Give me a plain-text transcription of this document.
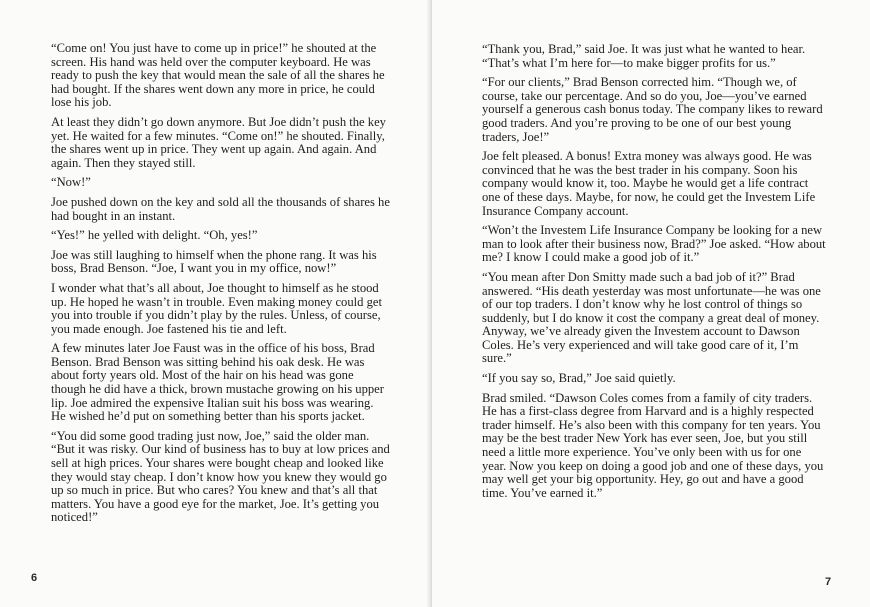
“Come on! You just have to come up in price!” he shouted at the screen. His hand was held over the computer keyboard. He was ready to push the key that would mean the sale of all the shares he had bought. If the shares went down any more in price, he could lose his job.

At least they didn’t go down anymore. But Joe didn’t push the key yet. He waited for a few minutes. “Come on!” he shouted. Finally, the shares went up in price. They went up again. And again. And again. Then they stayed still.

“Now!”

Joe pushed down on the key and sold all the thousands of shares he had bought in an instant.

“Yes!” he yelled with delight. “Oh, yes!”

Joe was still laughing to himself when the phone rang. It was his boss, Brad Benson. “Joe, I want you in my office, now!”

I wonder what that’s all about, Joe thought to himself as he stood up. He hoped he wasn’t in trouble. Even making money could get you into trouble if you didn’t play by the rules. Unless, of course, you made enough. Joe fastened his tie and left.

A few minutes later Joe Faust was in the office of his boss, Brad Benson. Brad Benson was sitting behind his oak desk. He was about forty years old. Most of the hair on his head was gone though he did have a thick, brown mustache growing on his upper lip. Joe admired the expensive Italian suit his boss was wearing. He wished he’d put on something better than his sports jacket.

“You did some good trading just now, Joe,” said the older man. “But it was risky. Our kind of business has to buy at low prices and sell at high prices. Your shares were bought cheap and looked like they would stay cheap. I don’t know how you knew they would go up so much in price. But who cares? You knew and that’s all that matters. You have a good eye for the market, Joe. It’s getting you noticed!”

6

“Thank you, Brad,” said Joe. It was just what he wanted to hear. “That’s what I’m here for—to make bigger profits for us.”

“For our clients,” Brad Benson corrected him. “Though we, of course, take our percentage. And so do you, Joe—you’ve earned yourself a generous cash bonus today. The company likes to reward good traders. And you’re proving to be one of our best young traders, Joe!”

Joe felt pleased. A bonus! Extra money was always good. He was convinced that he was the best trader in his company. Soon his company would know it, too. Maybe he would get a life contract one of these days. Maybe, for now, he could get the Investem Life Insurance Company account.

“Won’t the Investem Life Insurance Company be looking for a new man to look after their business now, Brad?” Joe asked. “How about me? I know I could make a good job of it.”

“You mean after Don Smitty made such a bad job of it?” Brad answered. “His death yesterday was most unfortunate—he was one of our top traders. I don’t know why he lost control of things so suddenly, but I do know it cost the company a great deal of money. Anyway, we’ve already given the Investem account to Dawson Coles. He’s very experienced and will take good care of it, I’m sure.”

“If you say so, Brad,” Joe said quietly.

Brad smiled. “Dawson Coles comes from a family of city traders. He has a first-class degree from Harvard and is a highly respected trader himself. He’s also been with this company for ten years. You may be the best trader New York has ever seen, Joe, but you still need a little more experience. You’ve only been with us for one year. Now you keep on doing a good job and one of these days, you may well get your big opportunity. Hey, go out and have a good time. You’ve earned it.”

7
